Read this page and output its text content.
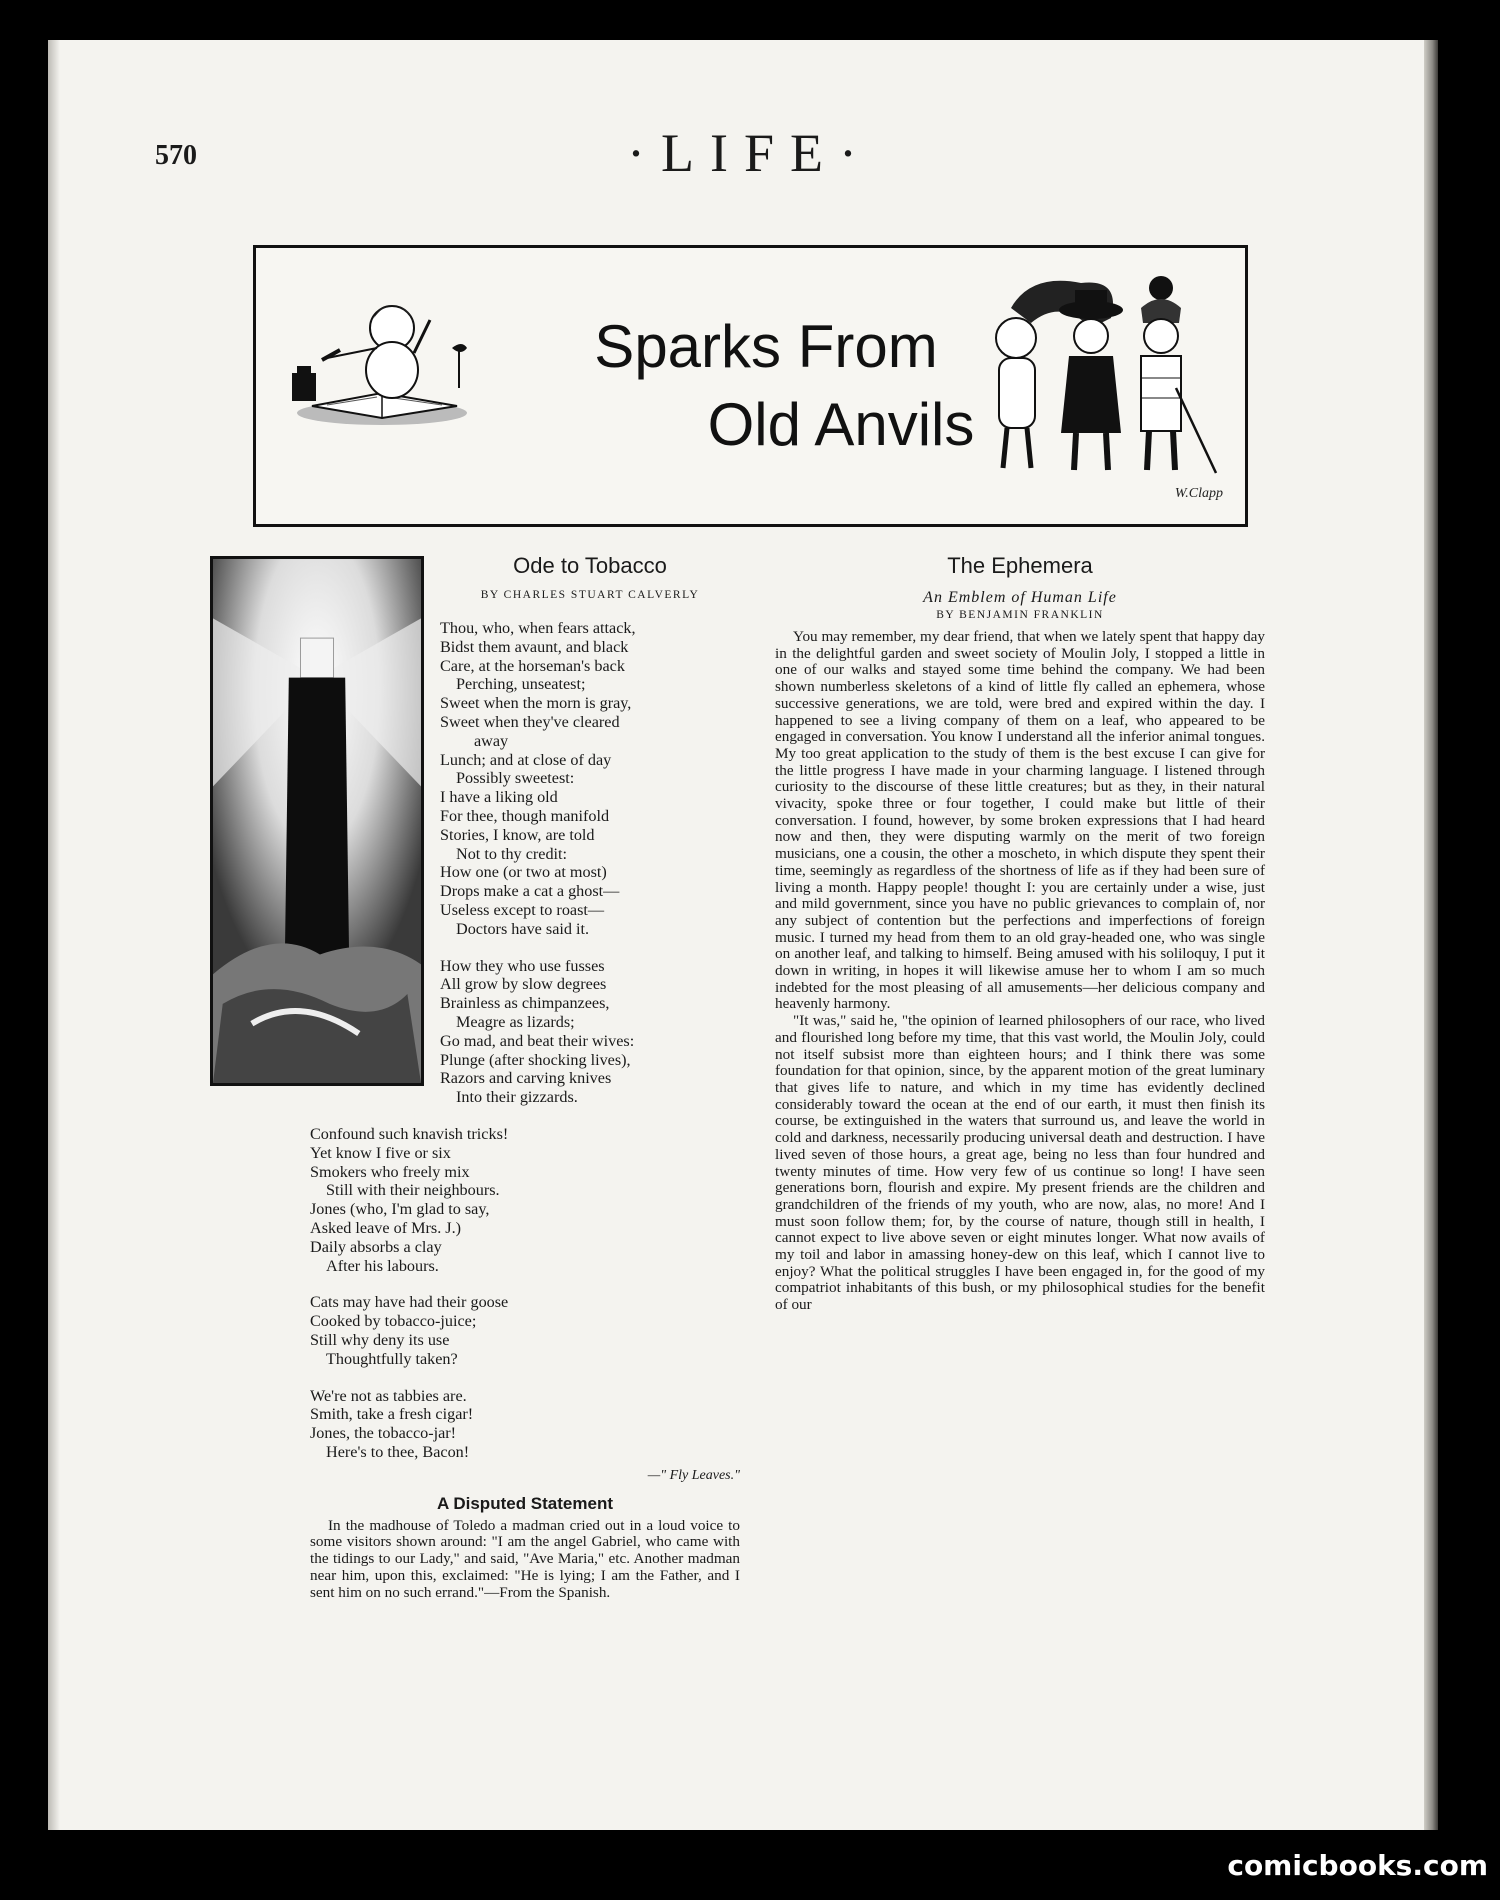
570	·LIFE·
Sparks From
Old Anvils
W.Clapp
Ode to Tobacco
BY CHARLES STUART CALVERLY
Thou, who, when fears attack,
Bidst them avaunt, and black
Care, at the horseman's back
Perching, unseatest;
Sweet when the morn is gray,
Sweet when they've cleared
away
Lunch; and at close of day
Possibly sweetest:
I have a liking old
For thee, though manifold
Stories, I know, are told
Not to thy credit:
How one (or two at most)
Drops make a cat a ghost—
Useless except to roast—
Doctors have said it.
How they who use fusses
All grow by slow degrees
Brainless as chimpanzees,
Meagre as lizards;
Go mad, and beat their wives:
Plunge (after shocking lives),
Razors and carving knives
Into their gizzards.
Confound such knavish tricks!
Yet know I five or six
Smokers who freely mix
Still with their neighbours.
Jones (who, I'm glad to say,
Asked leave of Mrs. J.)
Daily absorbs a clay
After his labours.
Cats may have had their goose
Cooked by tobacco-juice;
Still why deny its use
Thoughtfully taken?
We're not as tabbies are.
Smith, take a fresh cigar!
Jones, the tobacco-jar!
Here's to thee, Bacon!
—" Fly Leaves."
A Disputed Statement

In the madhouse of Toledo a madman cried out in a loud voice to some visitors shown around: "I am the angel Gabriel, who came with the tidings to our Lady," and said, "Ave Maria," etc. Another madman near him, upon this, exclaimed: "He is lying; I am the Father, and I sent him on no such errand."—From the Spanish.

The Ephemera
An Emblem of Human Life
BY BENJAMIN FRANKLIN

You may remember, my dear friend, that when we lately spent that happy day in the delightful garden and sweet society of Moulin Joly, I stopped a little in one of our walks and stayed some time behind the company. We had been shown numberless skeletons of a kind of little fly called an ephemera, whose successive generations, we are told, were bred and expired within the day. I happened to see a living company of them on a leaf, who appeared to be engaged in conversation. You know I understand all the inferior animal tongues. My too great application to the study of them is the best excuse I can give for the little progress I have made in your charming language. I listened through curiosity to the discourse of these little creatures; but as they, in their natural vivacity, spoke three or four together, I could make but little of their conversation. I found, however, by some broken expressions that I had heard now and then, they were disputing warmly on the merit of two foreign musicians, one a cousin, the other a moscheto, in which dispute they spent their time, seemingly as regardless of the shortness of life as if they had been sure of living a month. Happy people! thought I: you are certainly under a wise, just and mild government, since you have no public grievances to complain of, nor any subject of contention but the perfections and imperfections of foreign music. I turned my head from them to an old gray-headed one, who was single on another leaf, and talking to himself. Being amused with his soliloquy, I put it down in writing, in hopes it will likewise amuse her to whom I am so much indebted for the most pleasing of all amusements—her delicious company and heavenly harmony.

"It was," said he, "the opinion of learned philosophers of our race, who lived and flourished long before my time, that this vast world, the Moulin Joly, could not itself subsist more than eighteen hours; and I think there was some foundation for that opinion, since, by the apparent motion of the great luminary that gives life to nature, and which in my time has evidently declined considerably toward the ocean at the end of our earth, it must then finish its course, be extinguished in the waters that surround us, and leave the world in cold and darkness, necessarily producing universal death and destruction. I have lived seven of those hours, a great age, being no less than four hundred and twenty minutes of time. How very few of us continue so long! I have seen generations born, flourish and expire. My present friends are the children and grandchildren of the friends of my youth, who are now, alas, no more! And I must soon follow them; for, by the course of nature, though still in health, I cannot expect to live above seven or eight minutes longer. What now avails of my toil and labor in amassing honey-dew on this leaf, which I cannot live to enjoy? What the political struggles I have been engaged in, for the good of my compatriot inhabitants of this bush, or my philosophical studies for the benefit of our

comicbooks.com
